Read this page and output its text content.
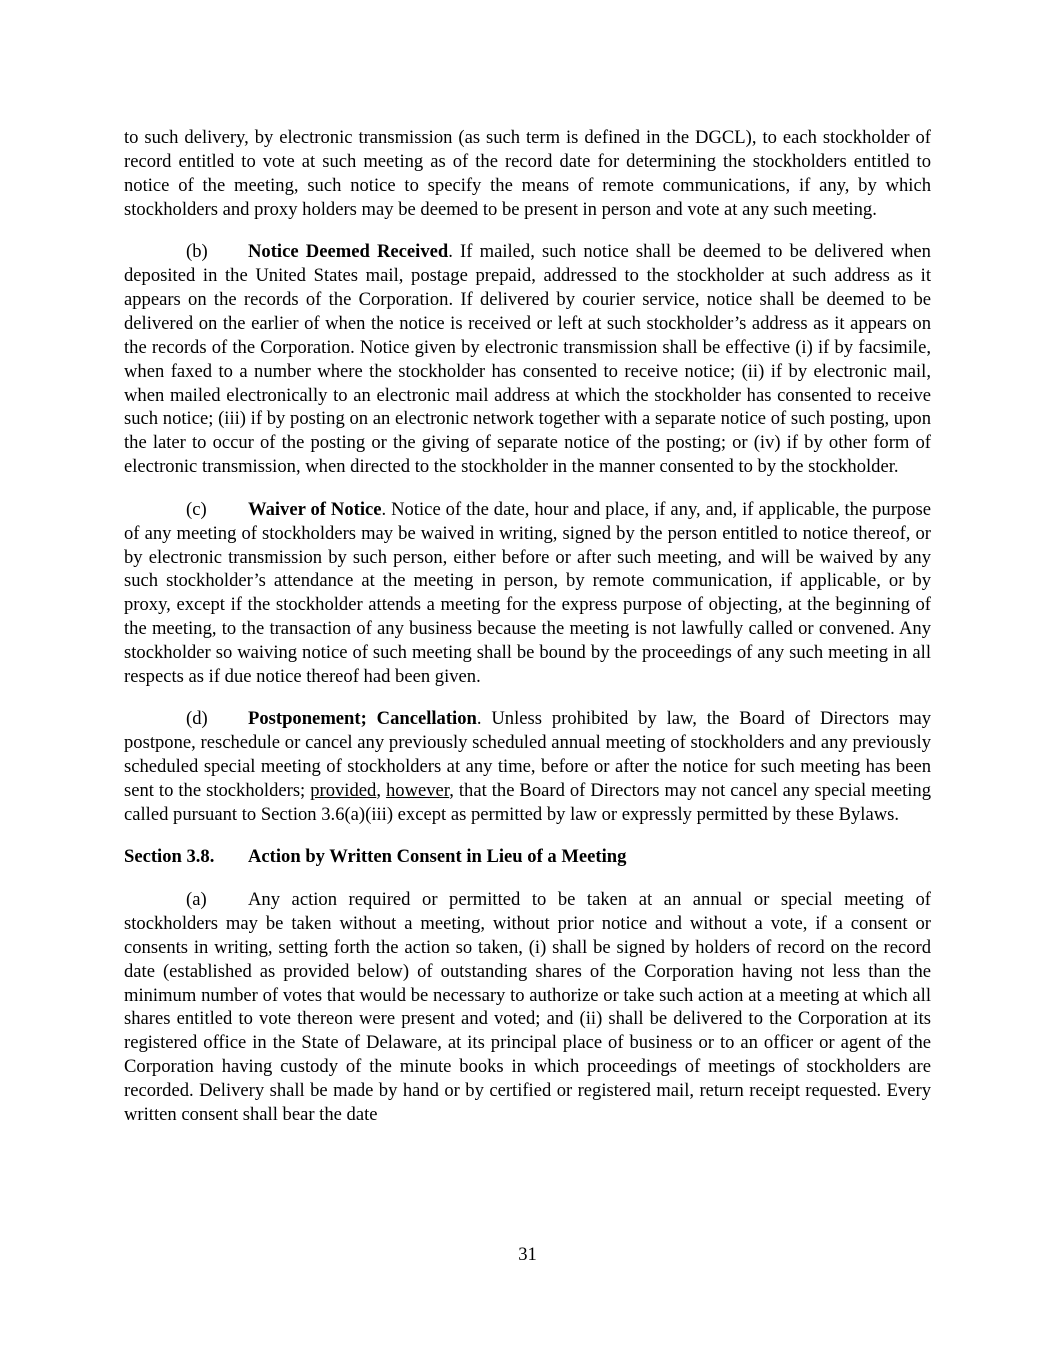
to such delivery, by electronic transmission (as such term is defined in the DGCL), to each stockholder of record entitled to vote at such meeting as of the record date for determining the stockholders entitled to notice of the meeting, such notice to specify the means of remote communications, if any, by which stockholders and proxy holders may be deemed to be present in person and vote at any such meeting.

(b) Notice Deemed Received. If mailed, such notice shall be deemed to be delivered when deposited in the United States mail, postage prepaid, addressed to the stockholder at such address as it appears on the records of the Corporation. If delivered by courier service, notice shall be deemed to be delivered on the earlier of when the notice is received or left at such stockholder’s address as it appears on the records of the Corporation. Notice given by electronic transmission shall be effective (i) if by facsimile, when faxed to a number where the stockholder has consented to receive notice; (ii) if by electronic mail, when mailed electronically to an electronic mail address at which the stockholder has consented to receive such notice; (iii) if by posting on an electronic network together with a separate notice of such posting, upon the later to occur of the posting or the giving of separate notice of the posting; or (iv) if by other form of electronic transmission, when directed to the stockholder in the manner consented to by the stockholder.

(c) Waiver of Notice. Notice of the date, hour and place, if any, and, if applicable, the purpose of any meeting of stockholders may be waived in writing, signed by the person entitled to notice thereof, or by electronic transmission by such person, either before or after such meeting, and will be waived by any such stockholder’s attendance at the meeting in person, by remote communication, if applicable, or by proxy, except if the stockholder attends a meeting for the express purpose of objecting, at the beginning of the meeting, to the transaction of any business because the meeting is not lawfully called or convened. Any stockholder so waiving notice of such meeting shall be bound by the proceedings of any such meeting in all respects as if due notice thereof had been given.

(d) Postponement; Cancellation. Unless prohibited by law, the Board of Directors may postpone, reschedule or cancel any previously scheduled annual meeting of stockholders and any previously scheduled special meeting of stockholders at any time, before or after the notice for such meeting has been sent to the stockholders; provided, however, that the Board of Directors may not cancel any special meeting called pursuant to Section 3.6(a)(iii) except as permitted by law or expressly permitted by these Bylaws.

Section 3.8. Action by Written Consent in Lieu of a Meeting

(a) Any action required or permitted to be taken at an annual or special meeting of stockholders may be taken without a meeting, without prior notice and without a vote, if a consent or consents in writing, setting forth the action so taken, (i) shall be signed by holders of record on the record date (established as provided below) of outstanding shares of the Corporation having not less than the minimum number of votes that would be necessary to authorize or take such action at a meeting at which all shares entitled to vote thereon were present and voted; and (ii) shall be delivered to the Corporation at its registered office in the State of Delaware, at its principal place of business or to an officer or agent of the Corporation having custody of the minute books in which proceedings of meetings of stockholders are recorded. Delivery shall be made by hand or by certified or registered mail, return receipt requested. Every written consent shall bear the date

31
